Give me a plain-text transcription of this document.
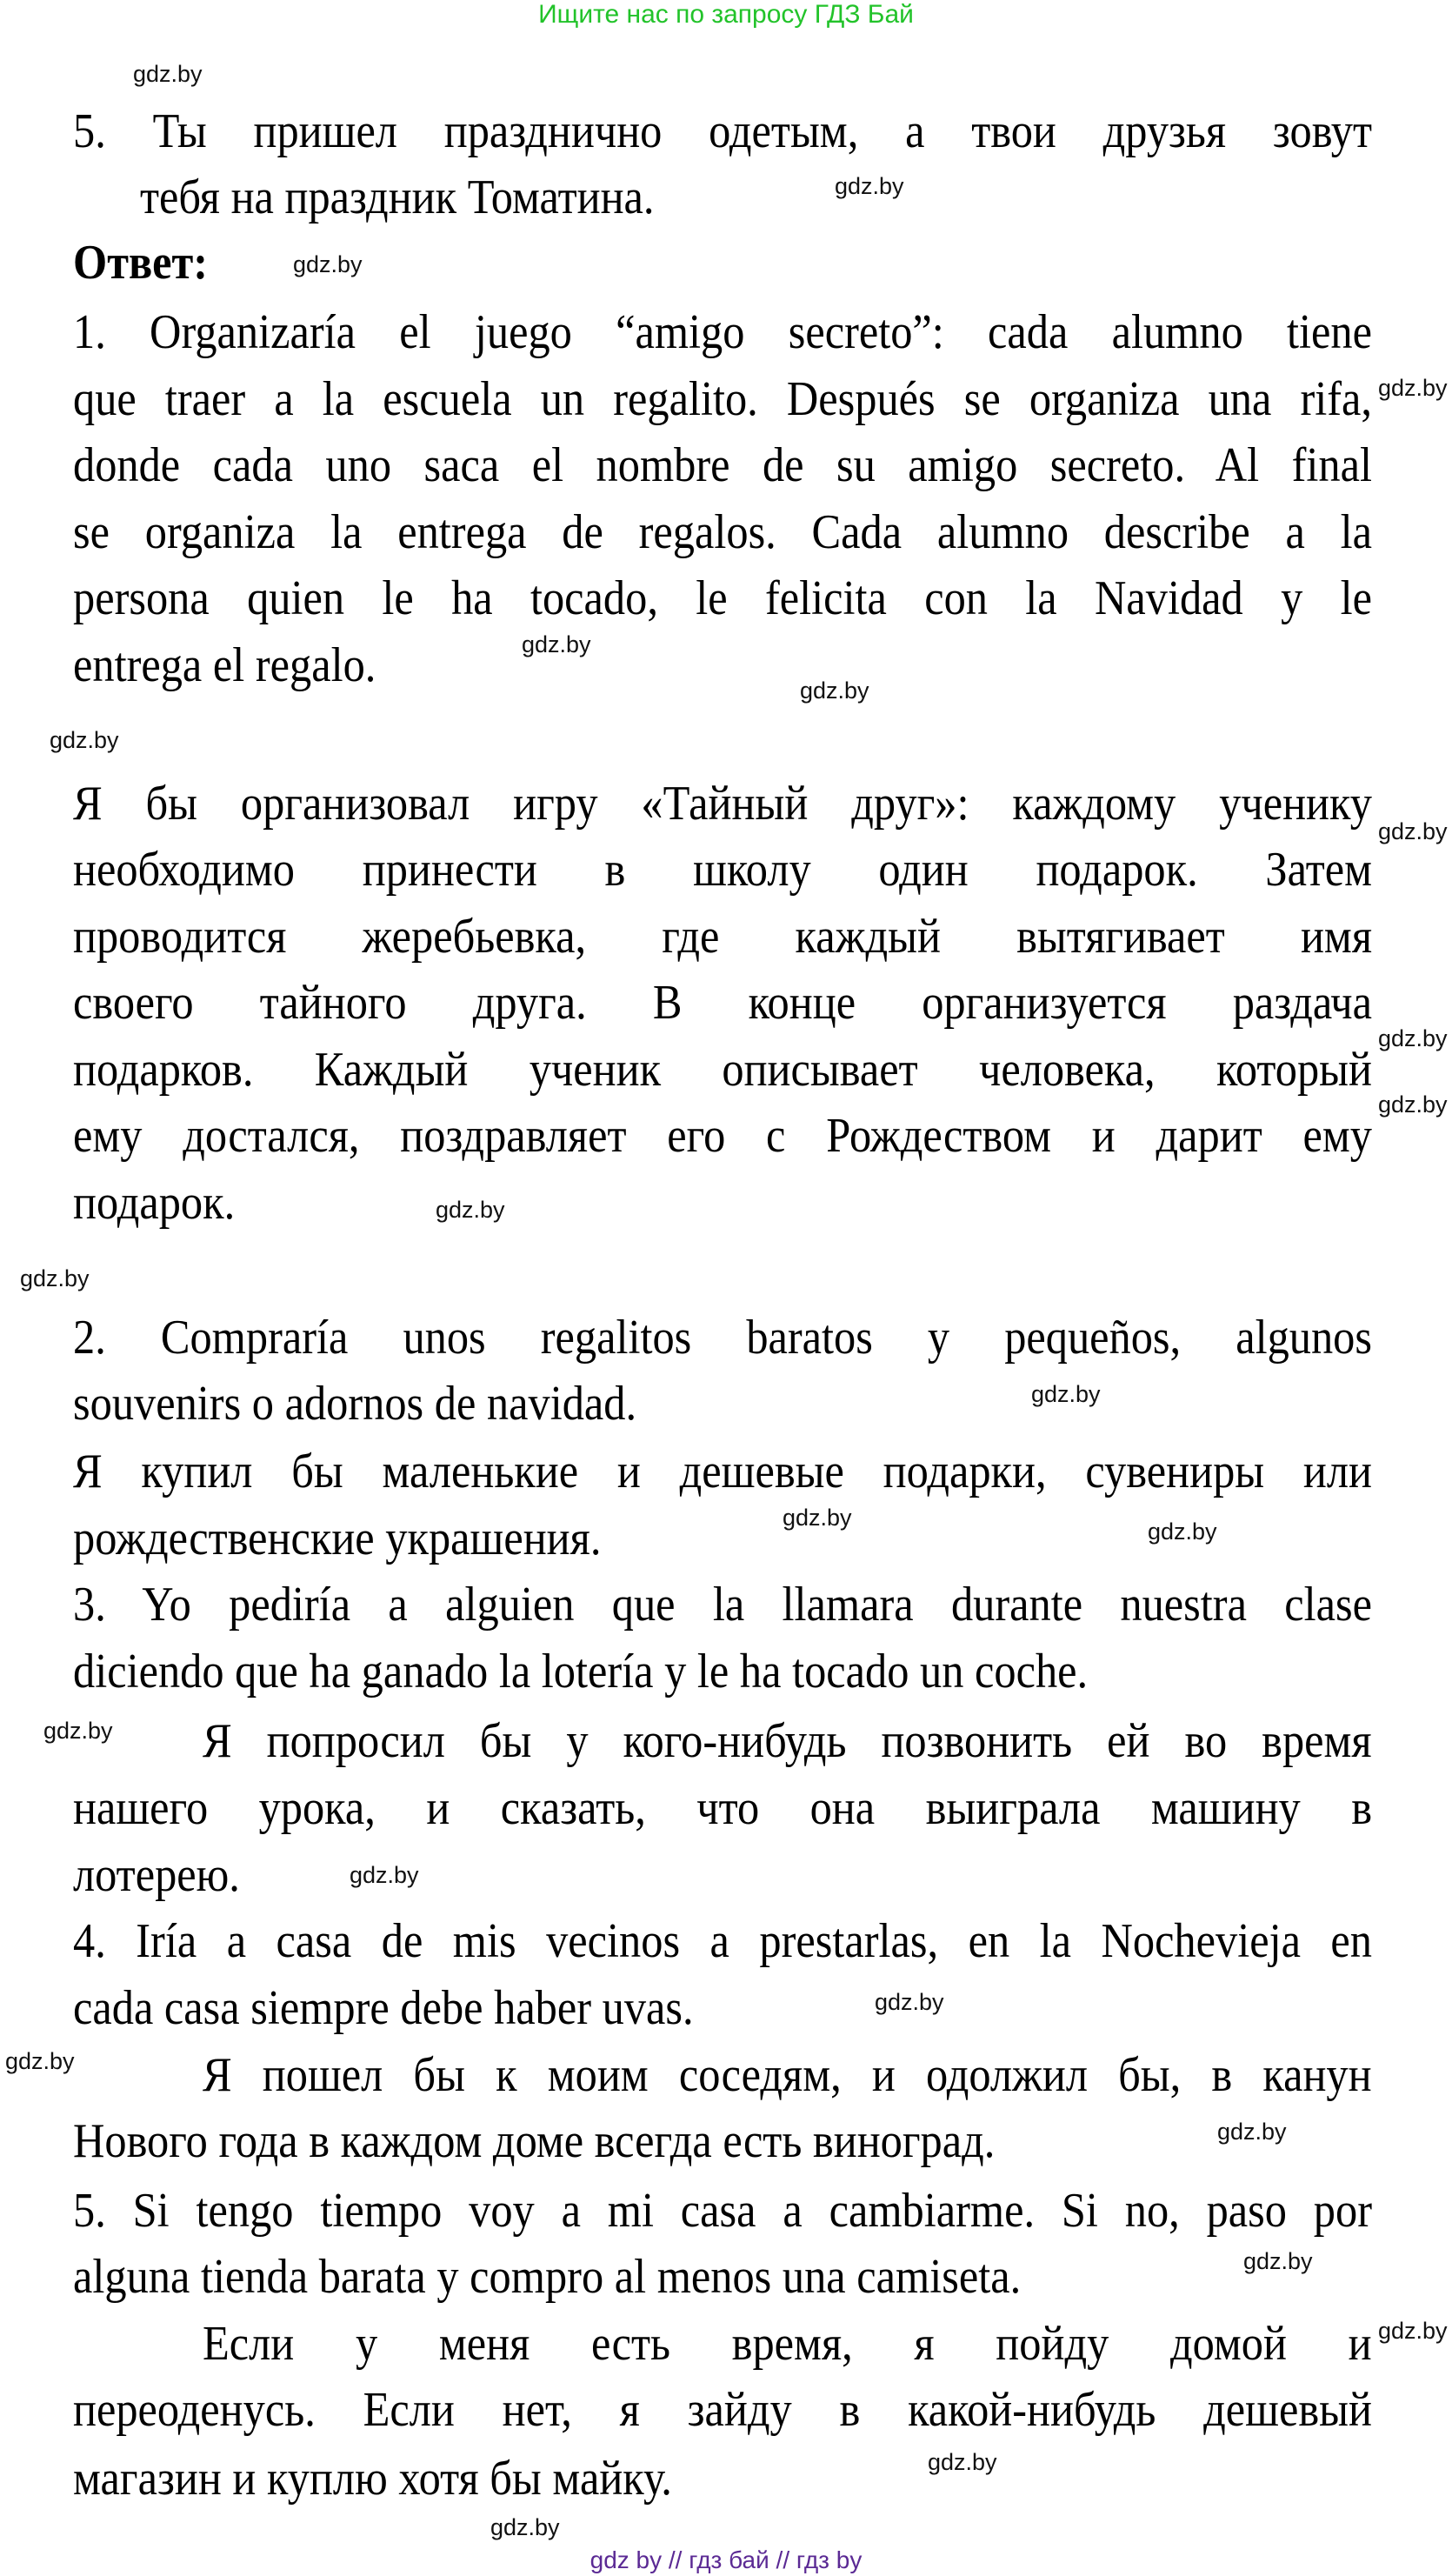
Ищите нас по запросу ГДЗ Бай
5. Ты пришел празднично одетым, а твои друзья зовут
тебя на праздник Томатина.
Ответ:
1. Organizaría el juego “amigo secreto”: cada alumno tiene
que traer a la escuela un regalito. Después se organiza una rifa,
donde cada uno saca el nombre de su amigo secreto. Al final
se organiza la entrega de regalos. Cada alumno describe a la
persona quien le ha tocado, le felicita con la Navidad y le
entrega el regalo.
Я бы организовал игру «Тайный друг»: каждому ученику
необходимо принести в школу один подарок. Затем
проводится жеребьевка, где каждый вытягивает имя
своего тайного друга. В конце организуется раздача
подарков. Каждый ученик описывает человека, который
ему достался, поздравляет его с Рождеством и дарит ему
подарок.
2. Compraría unos regalitos baratos y pequeños, algunos
souvenirs o adornos de navidad.
Я купил бы маленькие и дешевые подарки, сувениры или
рождественские украшения.
3. Yo pediría a alguien que la llamara durante nuestra clase
diciendo que ha ganado la lotería y le ha tocado un coche.
Я попросил бы у кого-нибудь позвонить ей во время
нашего урока, и сказать, что она выиграла машину в
лотерею.
4. Iría a casa de mis vecinos a prestarlas, en la Nochevieja en
cada casa siempre debe haber uvas.
Я пошел бы к моим соседям, и одолжил бы, в канун
Нового года в каждом доме всегда есть виноград.
5. Si tengo tiempo voy a mi casa a cambiarme. Si no, paso por
alguna tienda barata y compro al menos una camiseta.
Если у меня есть время, я пойду домой и
переоденусь. Если нет, я зайду в какой-нибудь дешевый
магазин и куплю хотя бы майку.
gdz.by
gdz.by
gdz.by
gdz.by
gdz.by
gdz.by
gdz.by
gdz.by
gdz.by
gdz.by
gdz.by
gdz.by
gdz.by
gdz.by
gdz.by
gdz.by
gdz.by
gdz.by
gdz.by
gdz.by
gdz.by
gdz.by
gdz.by
gdz.by
gdz by // гдз бай // гдз by
